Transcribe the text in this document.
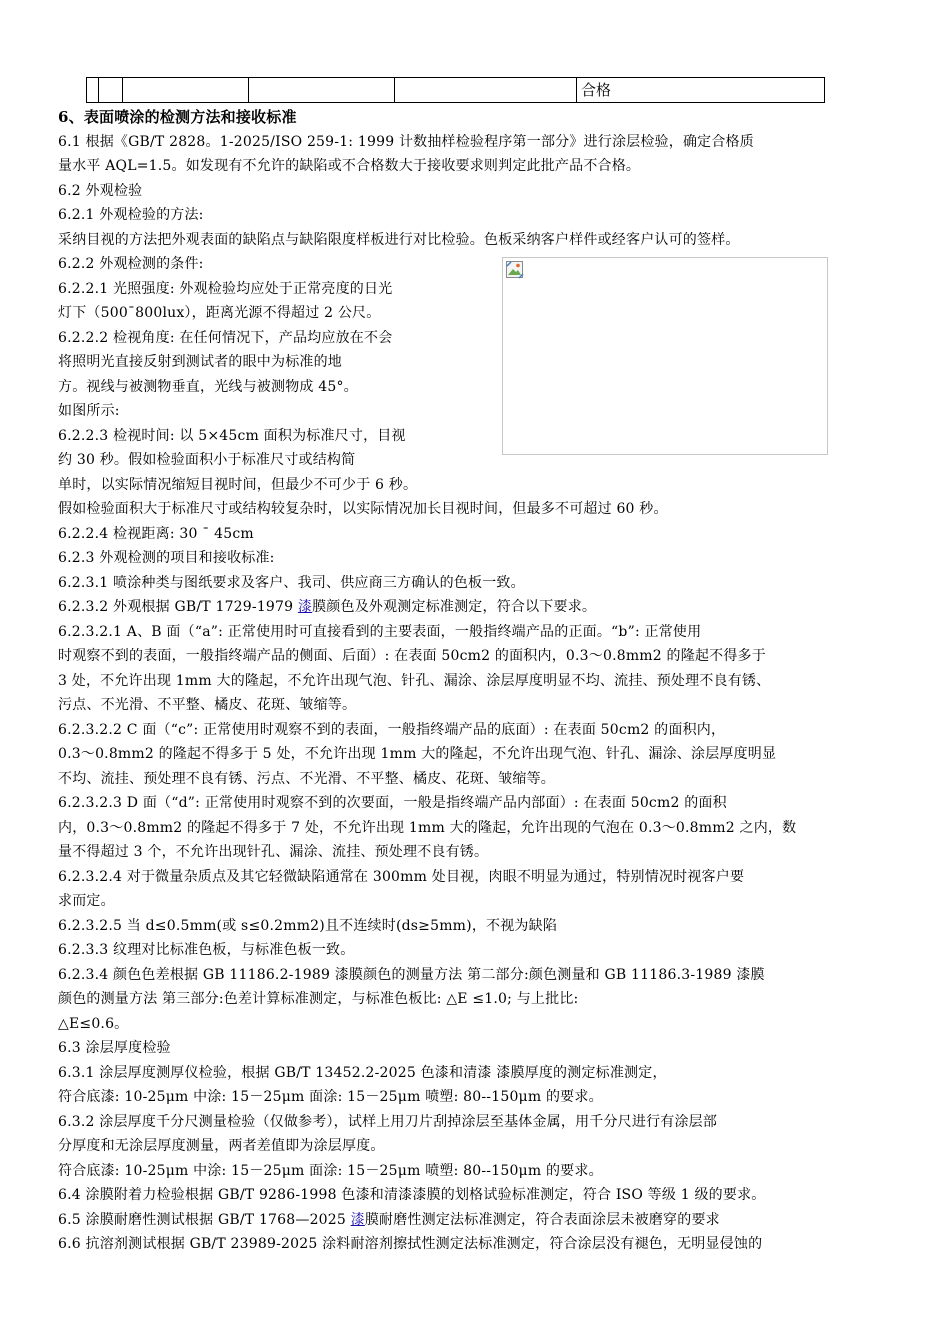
					合格
6、表面喷涂的检测方法和接收标准
6.1 根据《GB/T 2828。1-2025/ISO 259-1: 1999 计数抽样检验程序第一部分》进行涂层检验，确定合格质
量水平 AQL=1.5。如发现有不允许的缺陷或不合格数大于接收要求则判定此批产品不合格。
6.2 外观检验
6.2.1 外观检验的方法:
采纳目视的方法把外观表面的缺陷点与缺陷限度样板进行对比检验。色板采纳客户样件或经客户认可的签样。
6.2.2 外观检测的条件:
6.2.2.1 光照强度: 外观检验均应处于正常亮度的日光
灯下（500¯800lux），距离光源不得超过 2 公尺。
6.2.2.2 检视角度: 在任何情况下，产品均应放在不会
将照明光直接反射到测试者的眼中为标准的地
方。视线与被测物垂直，光线与被测物成 45°。
如图所示:
6.2.2.3 检视时间: 以 5×45cm 面积为标准尺寸，目视
约 30 秒。假如检验面积小于标准尺寸或结构简
单时，以实际情况缩短目视时间，但最少不可少于 6 秒。
假如检验面积大于标准尺寸或结构较复杂时，以实际情况加长目视时间，但最多不可超过 60 秒。
6.2.2.4 检视距离: 30 ¯ 45cm
6.2.3 外观检测的项目和接收标准:
6.2.3.1 喷涂种类与图纸要求及客户、我司、供应商三方确认的色板一致。
6.2.3.2 外观根据 GB/T 1729-1979 漆膜颜色及外观测定标准测定，符合以下要求。
6.2.3.2.1 A、B 面（“a”: 正常使用时可直接看到的主要表面，一般指终端产品的正面。“b”: 正常使用
时观察不到的表面，一般指终端产品的侧面、后面）: 在表面 50cm2 的面积内，0.3～0.8mm2 的隆起不得多于
3 处，不允许出现 1mm 大的隆起，不允许出现气泡、针孔、漏涂、涂层厚度明显不均、流挂、预处理不良有锈、
污点、不光滑、不平整、橘皮、花斑、皱缩等。
6.2.3.2.2 C 面（“c”: 正常使用时观察不到的表面，一般指终端产品的底面）: 在表面 50cm2 的面积内，
0.3～0.8mm2 的隆起不得多于 5 处，不允许出现 1mm 大的隆起，不允许出现气泡、针孔、漏涂、涂层厚度明显
不均、流挂、预处理不良有锈、污点、不光滑、不平整、橘皮、花斑、皱缩等。
6.2.3.2.3 D 面（“d”: 正常使用时观察不到的次要面，一般是指终端产品内部面）: 在表面 50cm2 的面积
内，0.3～0.8mm2 的隆起不得多于 7 处，不允许出现 1mm 大的隆起，允许出现的气泡在 0.3～0.8mm2 之内，数
量不得超过 3 个，不允许出现针孔、漏涂、流挂、预处理不良有锈。
6.2.3.2.4 对于微量杂质点及其它轻微缺陷通常在 300mm 处目视，肉眼不明显为通过，特别情况时视客户要
求而定。
6.2.3.2.5 当 d≤0.5mm(或 s≤0.2mm2)且不连续时(ds≥5mm)，不视为缺陷
6.2.3.3 纹理对比标准色板，与标准色板一致。
6.2.3.4 颜色色差根据 GB 11186.2-1989 漆膜颜色的测量方法 第二部分:颜色测量和 GB 11186.3-1989 漆膜
颜色的测量方法 第三部分:色差计算标准测定，与标准色板比: △E ≤1.0; 与上批比:
△E≤0.6。
6.3 涂层厚度检验
6.3.1 涂层厚度测厚仪检验，根据 GB/T 13452.2-2025 色漆和清漆 漆膜厚度的测定标准测定，
符合底漆: 10-25μm 中涂: 15－25μm 面涂: 15－25μm 喷塑: 80--150μm 的要求。
6.3.2 涂层厚度千分尺测量检验（仅做参考），试样上用刀片刮掉涂层至基体金属，用千分尺进行有涂层部
分厚度和无涂层厚度测量，两者差值即为涂层厚度。
符合底漆: 10-25μm 中涂: 15－25μm 面涂: 15－25μm 喷塑: 80--150μm 的要求。
6.4 涂膜附着力检验根据 GB/T 9286-1998 色漆和清漆漆膜的划格试验标准测定，符合 ISO 等级 1 级的要求。
6.5 涂膜耐磨性测试根据 GB/T 1768—2025 漆膜耐磨性测定法标准测定，符合表面涂层未被磨穿的要求
6.6 抗溶剂测试根据 GB/T 23989-2025 涂料耐溶剂擦拭性测定法标准测定，符合涂层没有褪色，无明显侵蚀的
